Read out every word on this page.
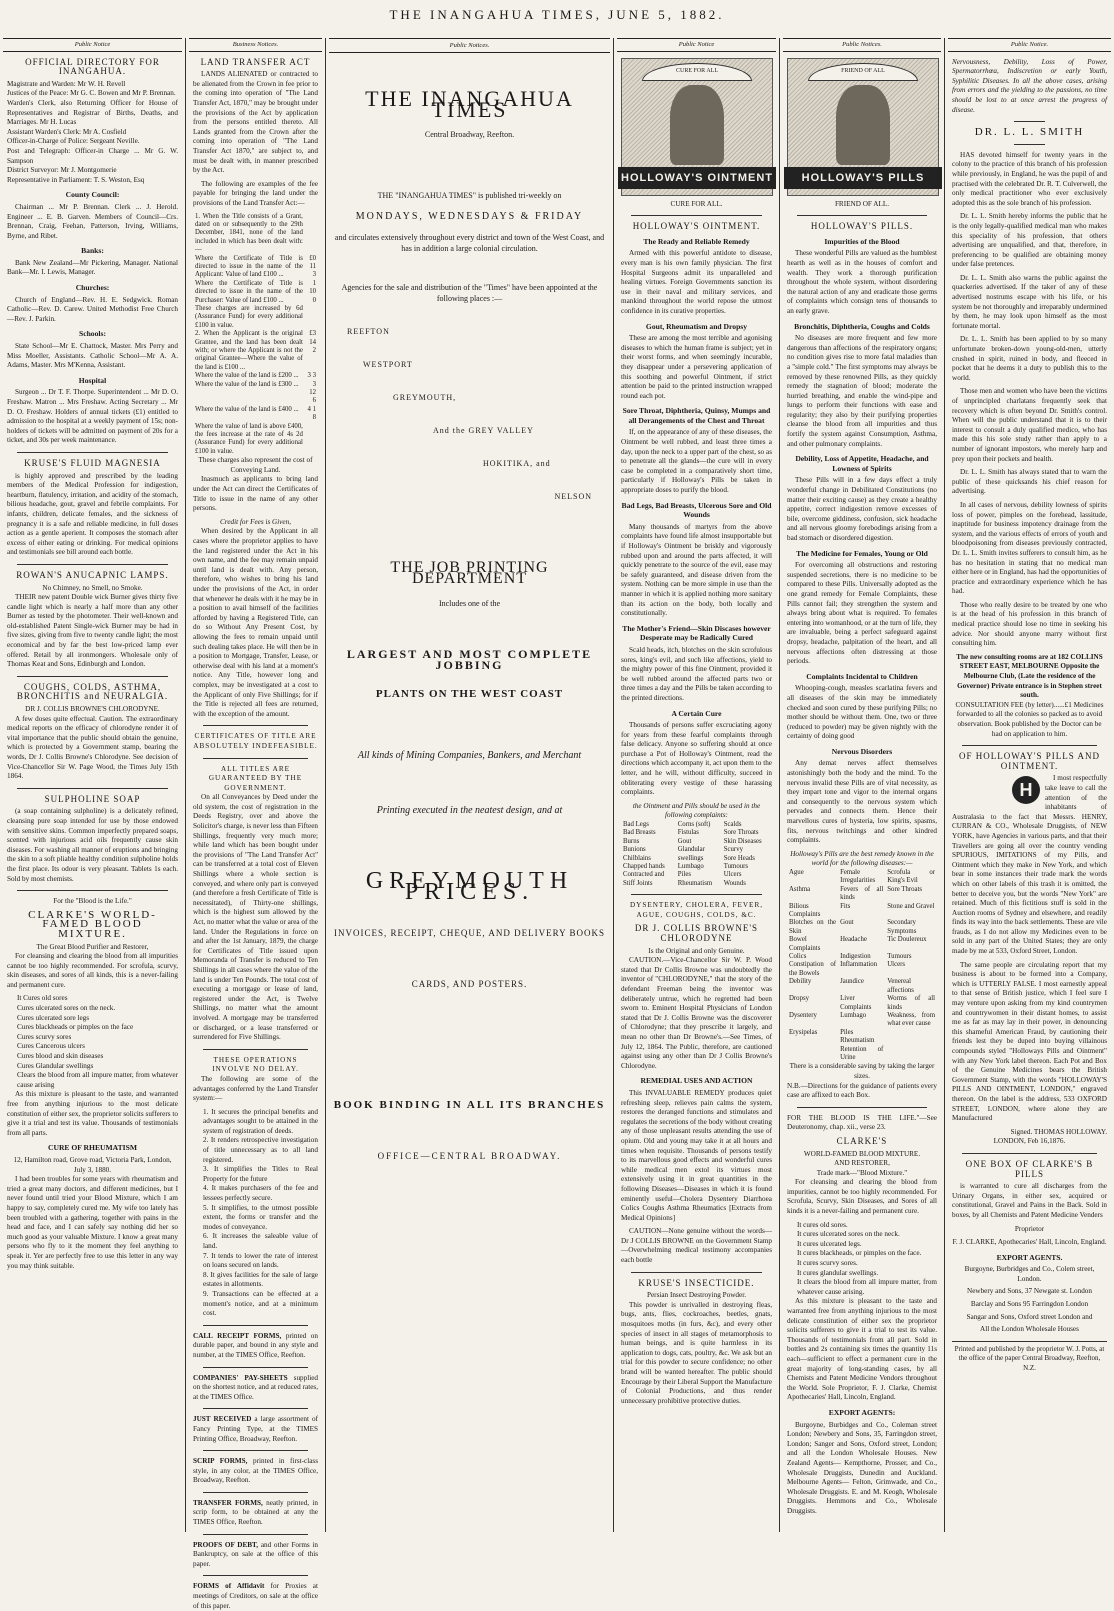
THE INANGAHUA TIMES, JUNE 5, 1882.
Public Notice
OFFICIAL DIRECTORY FOR INANGAHUA.
Magistrate and Warden: Mr W. H. Revell
Justices of the Peace: Mr G. C. Bowen and Mr P. Brennan.
Warden's Clerk, also Returning Officer for House of Representatives and Registrar of Births, Deaths, and Marriages. Mr H. Lucas
Assistant Warden's Clerk: Mr A. Cosfield
Officer-in-Charge of Police: Sergeant Neville.
Post and Telegraph: Officer-in Charge ... Mr G. W. Sampson
District Surveyor: Mr J. Montgomerie
Representative in Parliament: T. S. Weston, Esq
County Council:

Chairman ... Mr P. Brennan. Clerk ... J. Herold. Engineer ... E. B. Garven. Members of Council—Crs. Brennan, Craig, Feehan, Patterson, Irving, Williams, Byrne, and Ribet.

Banks:

Bank New Zealand—Mr Pickering, Manager. National Bank—Mr. I. Lewis, Manager.

Churches:

Church of England—Rev. H. E. Sedgwick. Roman Catholic—Rev. D. Carew. United Methodist Free Church—Rev. J. Parkin.

Schools:

State School—Mr E. Chattock, Master. Mrs Perry and Miss Moeller, Assistants. Catholic School—Mr A. A. Adams, Master. Mrs M'Kenna, Assistant.

Hospital

Surgeon ... Dr T. F. Thorpe. Superintendent ... Mr D. O. Freshaw. Matron ... Mrs Freshaw. Acting Secretary ... Mr D. O. Freshaw. Holders of annual tickets (£1) entitled to admission to the hospital at a weekly payment of 15s; non-holders of tickets will be admitted on payment of 20s for a ticket, and 30s per week maintenance.

KRUSE'S FLUID MAGNESIA

is highly approved and prescribed by the leading members of the Medical Profession for indigestion, heartburn, flatulency, irritation, and acidity of the stomach, bilious headache, gout, gravel and febrile complaints. For infants, children, delicate females, and the sickness of pregnancy it is a safe and reliable medicine, in full doses action as a gentle aperient. It composes the stomach after excess of either eating or drinking. For medical opinions and testimonials see bill around each bottle.

ROWAN'S ANUCAPNIC LAMPS.
No Chimney, no Smell, no Smoke.

THEIR new patent Double wick Burner gives thirty five candle light which is nearly a half more than any other Burner as tested by the photometer. Their well-known and old-established Patent Single-wick Burner may be had in five sizes, giving from five to twenty candle light; the most economical and by far the best low-priced lamp ever offered. Retail by all ironmongers. Wholesale only of Thomas Keat and Sons, Edinburgh and London.

COUGHS, COLDS, ASTHMA, BRONCHITIS and NEURALGIA.
DR J. COLLIS BROWNE'S CHLORODYNE.

A few doses quite effectual. Caution. The extraordinary medical reports on the efficacy of chlorodyne render it of vital importance that the public should obtain the genuine, which is protected by a Government stamp, bearing the words, Dr J. Collis Browne's Chlorodyne. See decision of Vice-Chancellor Sir W. Page Wood, the Times July 15th 1864.

SULPHOLINE SOAP

(a soap containing sulpholine) is a delicately refined, cleansing pure soap intended for use by those endowed with sensitive skins. Common imperfectly prepared soaps, scented with injurious acid oils frequently cause skin diseases. For washing all manner of eruptions and bringing the skin to a soft pliable healthy condition sulpholine holds the first place. Its odour is very pleasant. Tablets 1s each. Sold by most chemists.

For the "Blood is the Life."
CLARKE'S WORLD-FAMED BLOOD MIXTURE.
The Great Blood Purifier and Restorer,

For cleansing and clearing the blood from all impurities cannot be too highly recommended. For scrofula, scurvy, skin diseases, and sores of all kinds, this is a never-failing and permanent cure.

It Cures old sores
Cures ulcerated sores on the neck.
Cures ulcerated sore legs
Cures blackheads or pimples on the face
Cures scurvy sores
Cures Cancerous ulcers
Cures blood and skin diseases
Cures Glandular swellings
Clears the blood from all impure matter, from whatever cause arising

As this mixture is pleasant to the taste, and warranted free from anything injurious to the most delicate constitution of either sex, the proprietor solicits sufferers to give it a trial and test its value. Thousands of testimonials from all parts.

CURE OF RHEUMATISM
12, Hamilton road, Grove road, Victoria Park, London, July 3, 1880.

I had been troubles for some years with rheumatism and tried a great many doctors, and different medicines, but I never found until tried your Blood Mixture, which I am happy to say, completely cured me. My wife too lately has been troubled with a gathering, together with pains in the head and face, and I can safely say nothing did her so much good as your valuable Mixture. I know a great many persons who fly to it the moment they feel anything to speak it. Yer are perfectly free to use this letter in any way you may think suitable.

Business Notices.
LAND TRANSFER ACT

LANDS ALIENATED or contracted to be alienated from the Crown in fee prior to the coming into operation of "The Land Transfer Act, 1870," may be brought under the provisions of the Act by application from the persons entitled thereto. All Lands granted from the Crown after the coming into operation of "The Land Transfer Act 1870," are subject to, and must be dealt with, in manner prescribed by the Act.

The following are examples of the fee payable for bringing the land under the provisions of the Land Transfer Act:—

1. When the Title consists of a Grant, dated on or subsequently to the 29th December, 1841, none of the land included in which has been dealt with:—	
Where the Certificate of Title is directed to issue in the name of the Applicant: Value of land £100 ...	£0 11 3
Where the Certificate of Title is directed to issue in the name of the Purchaser: Value of land £100 ...	1 10 0
These charges are increased by 6d (Assurance Fund) for every additional £100 in value.	
2. When the Applicant is the original Grantee, and the land has been dealt with; or where the Applicant is not the original Grantee—Where the value of the land is £100 ...	£3 14 2
Where the value of the land is £200 ...	3 3
Where the value of the land is £300 ...	3 12 6
Where the value of the land is £400 ...	4 1 8
Where the value of land is above £400, the fees increase at the rate of 4s 2d (Assurance Fund) for every additional £100 in value.	
These charges also represent the cost of Conveying Land.

Inasmuch as applicants to bring land under the Act can direct the Certificates of Title to issue in the name of any other persons.

Credit for Fees is Given,

When desired by the Applicant in all cases where the proprietor applies to have the land registered under the Act in his own name, and the fee may remain unpaid until land is dealt with. Any person, therefore, who wishes to bring his land under the provisions of the Act, in order that whenever he deals with it he may be in a position to avail himself of the facilities afforded by having a Registered Title, can do so Without Any Present Cost, by allowing the fees to remain unpaid until such dealing takes place. He will then be in a position to Mortgage, Transfer, Lease, or otherwise deal with his land at a moment's notice. Any Title, however long and complex, may be investigated at a cost to the Applicant of only Five Shillings; for if the Title is rejected all fees are returned, with the exception of the amount.

CERTIFICATES OF TITLE ARE ABSOLUTELY INDEFEASIBLE.
ALL TITLES ARE GUARANTEED BY THE GOVERNMENT.

On all Conveyances by Deed under the old system, the cost of registration in the Deeds Registry, over and above the Solicitor's charge, is never less than Fifteen Shillings, frequently very much more; while land which has been bought under the provisions of "The Land Transfer Act" can be transferred at a total cost of Eleven Shillings where a whole section is conveyed, and where only part is conveyed (and therefore a fresh Certificate of Title is necessitated), of Thirty-one shillings, which is the highest sum allowed by the Act, no matter what the value or area of the land. Under the Regulations in force on and after the 1st January, 1879, the charge for Certificates of Title issued upon Memoranda of Transfer is reduced to Ten Shillings in all cases where the value of the land is under Ten Pounds. The total cost of executing a mortgage or lease of land, registered under the Act, is Twelve Shillings, no matter what the amount involved. A mortgage may be transferred or discharged, or a lease transferred or surrendered for Five Shillings.

THESE OPERATIONS INVOLVE NO DELAY.

The following are some of the advantages conferred by the Land Transfer system:—

1. It secures the principal benefits and advantages sought to be attained in the system of registration of deeds.
2. It renders retrospective investigation of title unnecessary as to all land registered.
3. It simplifies the Titles to Real Property for the future
4. It makes purchasers of the fee and lessees perfectly secure.
5. It simplifies, to the utmost possible extent, the forms or transfer and the modes of conveyance.
6. It increases the saleable value of land.
7. It tends to lower the rate of interest on loans secured on lands.
8. It gives facilities for the sale of large estates in allotments.
9. Transactions can be effected at a moment's notice, and at a minimum cost.
CALL RECEIPT FORMS, printed on durable paper, and bound in any style and number, at the TIMES Office, Reefton.
COMPANIES' PAY-SHEETS supplied on the shortest notice, and at reduced rates, at the TIMES Office.
JUST RECEIVED a large assortment of Fancy Printing Type, at the TIMES Printing Office, Broadway, Reefton.
SCRIP FORMS, printed in first-class style, in any color, at the TIMES Office, Broadway, Reefton.
TRANSFER FORMS, neatly printed, in scrip form, to be obtained at any the TIMES Office, Reefton.
PROOFS OF DEBT, and other Forms in Bankruptcy, on sale at the office of this paper.
FORMS of Affidavit for Proxies at meetings of Creditors, on sale at the office of this paper.
Public Notices.
THE INANGAHUA TIMES
Central Broadway, Reefton.
THE "INANGAHUA TIMES" is published tri-weekly on
MONDAYS, WEDNESDAYS & FRIDAY
and circulates extensively throughout every district and town of the West Coast, and has in addition a large colonial circulation.
Agencies for the sale and distribution of the "Times" have been appointed at the following places :—
REEFTON
WESTPORT
GREYMOUTH,
And the GREY VALLEY
HOKITIKA, and
NELSON
THE JOB PRINTING DEPARTMENT
Includes one of the
LARGEST AND MOST COMPLETE JOBBING
PLANTS ON THE WEST COAST
All kinds of Mining Companies, Bankers, and Merchant
Printing executed in the neatest design, and at
GREYMOUTH PRICES.
INVOICES, RECEIPT, CHEQUE, AND DELIVERY BOOKS
CARDS, AND POSTERS.
BOOK BINDING IN ALL ITS BRANCHES
OFFICE—CENTRAL BROADWAY.
Public Notice
CURE FOR ALL
HOLLOWAY'S OINTMENT
CURE FOR ALL.
HOLLOWAY'S OINTMENT.
The Ready and Reliable Remedy

Armed with this powerful antidote to disease, every man is his own family physician. The first Hospital Surgeons admit its unparalleled and healing virtues. Foreign Governments sanction its use in their naval and military services, and mankind throughout the world repose the utmost confidence in its curative properties.

Gout, Rheumatism and Dropsy

These are among the most terrible and agonising diseases to which the human frame is subject; yet in their worst forms, and when seemingly incurable, they disappear under a persevering application of this soothing and powerful Ointment, if strict attention be paid to the printed instruction wrapped round each pot.

Sore Throat, Diphtheria, Quinsy, Mumps and all Derangements of the Chest and Throat

If, on the appearance of any of these diseases, the Ointment be well rubbed, and least three times a day, upon the neck to a upper part of the chest, so as to penetrate all the glands—the cure will in every case be completed in a comparatively short time, particularly if Holloway's Pills be taken in appropriate doses to purify the blood.

Bad Legs, Bad Breasts, Ulcerous Sore and Old Wounds

Many thousands of martyrs from the above complaints have found life almost insupportable but if Holloway's Ointment be briskly and vigorously rubbed upon and around the parts affected, it will quickly penetrate to the source of the evil, ease may be safely guaranteed, and disease driven from the system. Nothing can be more simple in use than the manner in which it is applied nothing more sanitary than its action on the body, both locally and constitutionally.

The Mother's Friend—Skin Discases however Desperate may be Radically Cured

Scald heads, itch, blotches on the skin scrofulous sores, king's evil, and such like affections, yield to the mighty power of this fine Ointment, provided it be well rubbed around the affected parts two or three times a day and the Pills be taken according to the printed directions.

A Certain Cure

Thousands of persons suffer excruciating agony for years from these fearful complaints through false delicacy. Anyone so suffering should at once purchase a Pot of Holloway's Ointment, read the directions which accompany it, act upon them to the letter, and he will, without difficulty, succeed in obliterating every vestige of these harassing complaints.

the Ointment and Pills should be used in the following complaints:
Bad Legs	Corns (soft)	Scalds
Bad Breasts	Fistulas	Sore Throats
Burns	Gout	Skin Diseases
Bunions	Glandular	Scurvy
Chilblains	swellings	Sore Heads
Chapped hands	Lumbago	Tumours
Contracted and	Piles	Ulcers
Stiff Joints	Rheumatism	Wounds
DYSENTERY, CHOLERA, FEVER, AGUE, COUGHS, COLDS, &C.
DR J. COLLIS BROWNE'S CHLORODYNE
Is the Original and only Genuine.

CAUTION.—Vice-Chancellor Sir W. P. Wood stated that Dr Collis Browne was undoubtedly the inventor of "CHLORODYNE," that the story of the defendant Freeman being the inventor was deliberately untrue, which he regretted had been sworn to. Eminent Hospital Physicians of London stated that Dr J. Collis Browne was the discoverer of Chlorodyne; that they prescribe it largely, and mean no other than Dr Browne's.—See Times, of July 12, 1864. The Public, therefore, are cautioned against using any other than Dr J Collis Browne's Chlorodyne.

REMEDIAL USES AND ACTION

This INVALUABLE REMEDY produces quiet refreshing sleep, relieves pain calms the system, restores the deranged functions and stimulates and regulates the secretions of the body without creating any of those unpleasant results attending the use of opium. Old and young may take it at all hours and times when requisite. Thousands of persons testify to its marvellous good effects and wonderful cures while medical men extol its virtues most extensively using it in great quantities in the following Diseases—Diseases in which it is found eminently useful—Cholera Dysentery Diarrhoea Colics Coughs Asthma Rheumatics [Extracts from Medical Opinions]

CAUTION—None genuine without the words—Dr J COLLIS BROWNE on the Government Stamp—Overwhelming medical testimony accompanies each bottle

KRUSE'S INSECTICIDE.
Persian Insect Destroying Powder.

This powder is unrivalled in destroying fleas, bugs, ants, flies, cockroaches, beetles, gnats, mosquitoes moths (in furs, &c), and every other species of insect in all stages of metamorphosis to human beings, and is quite harmless in its application to dogs, cats, poultry, &c. We ask but an trial for this powder to secure confidence; no other brand will be wanted hereafter. The public should Encourage by their Liberal Support the Manufacture of Colonial Productions, and thus render unnecessary prohibitive protective duties.

Public Notices.
FRIEND OF ALL
HOLLOWAY'S PILLS
FRIEND OF ALL.
HOLLOWAY'S PILLS.
Impurities of the Blood

These wonderful Pills are valued as the humblest hearth as well as in the houses of comfort and wealth. They work a thorough purification throughout the whole system, without disordering the natural action of any and eradicate those germs of complaints which consign tens of thousands to an early grave.

Bronchitis, Diphtheria, Coughs and Colds

No diseases are more frequent and few more dangerous than affections of the respiratory organs; no condition gives rise to more fatal maladies than a "simple cold." The first symptoms may always be removed by these renowned Pills, as they quickly remedy the stagnation of blood; moderate the hurried breathing, and enable the wind-pipe and lungs to perform their functions with ease and regularity; they also by their purifying properties cleanse the blood from all impurities and thus fortify the system against Consumption, Asthma, and other pulmonary complaints.

Debility, Loss of Appetite, Headache, and Lowness of Spirits

These Pills will in a few days effect a truly wonderful change in Debilitated Constitutions (no matter their exciting cause) as they create a healthy appetite, correct indigestion remove excesses of bile, overcome giddiness, confusion, sick headache and all nervous gloomy forebodings arising from a bad stomach or disordered digestion.

The Medicine for Females, Young or Old

For overcoming all obstructions and restoring suspended secretions, there is no medicine to be compared to these Pills. Universally adopted as the one grand remedy for Female Complaints, these Pills cannot fail; they strengthen the system and always bring about what is required. To females entering into womanhood, or at the turn of life, they are invaluable, being a perfect safeguard against dropsy, headache, palpitation of the heart, and all nervous affections often distressing at those periods.

Complaints Incidental to Children

Whooping-cough, measles scarlatina fevers and all diseases of the skin may be immediately checked and soon cured by these purifying Pills; no mother should be without them. One, two or three (reduced to powder) may be given nightly with the certainty of doing good

Nervous Disorders

Any demat nerves affect themselves astonishingly both the body and the mind. To the nervous invalid these Pills are of vital necessity, as they impart tone and vigor to the internal organs and consequently to the nervous system which pervades and connects them. Hence their marvellous cures of hysteria, low spirits, spasms, fits, nervous twitchings and other kindred complaints.

Holloway's Pills are the best remedy known in the world for the following diseases:—
Ague	Female Irregularities	Scrofula or King's Evil
Asthma	Fevers of all kinds	Sore Throats
Bilious Complaints	Fits	Stone and Gravel
Blotches on the Skin	Gout	Secondary Symptoms
Bowel Complaints	Headache	Tic Doulereux
Colics	Indigestion	Tumours
Constipation of the Bowels	Inflammation	Ulcers
Debility	Jaundice	Venereal affections
Dropsy	Liver Complaints	Worms of all kinds
Dysentery	Lumbago	Weakness, from what ever cause
Erysipelas	Piles	
	Rheumatism	
	Retention of Urine	
There is a considerable saving by taking the larger sizes.
N.B.—Directions for the guidance of patients every case are affixed to each Box.
FOR THE BLOOD IS THE LIFE."—See Deuteronomy, chap. xii., verse 23.
CLARKE'S
WORLD-FAMED BLOOD MIXTURE.
AND RESTORER,
Trade mark—"Blood Mixture."

For cleansing and clearing the blood from impurities, cannot be too highly recommended. For Scrofula, Scurvy, Skin Diseases, and Sores of all kinds it is a never-failing and permanent cure.

It cures old sores.
It cures ulcerated sores on the neck.
It cures ulcerated legs.
It cures blackheads, or pimples on the face.
It cures scurvy sores.
It cures glandular swellings.
It clears the blood from all impure matter, from whatever cause arising.

As this mixture is pleasant to the taste and warranted free from anything injurious to the most delicate constitution of either sex the proprietor solicits sufferers to give it a trial to test its value. Thousands of testimonials from all part. Sold in bottles and 2s containing six times the quantity 11s each—sufficient to effect a permanent cure in the great majority of long-standing cases, by all Chemists and Patent Medicine Vendors throughout the World. Sole Proprietor, F. J. Clarke, Chemist Apothecaries' Hall, Lincoln, England.

EXPORT AGENTS:

Burgoyne, Burbidges and Co., Coleman street London; Newbery and Sons, 35, Farringdon street, London; Sanger and Sons, Oxford street, London; and all the London Wholesale Houses. New Zealand Agents— Kempthorne, Prosser, and Co., Wholesale Druggists, Dunedin and Auckland. Melbourne Agents— Felton, Grimwade, and Co., Wholesale Druggists. E. and M. Keogh, Wholesale Druggists. Hemmons and Co., Wholesale Druggists.

Public Notice.

Nervousness, Debility, Loss of Power, Spermatorrhœa, Indiscretion or early Youth, Syphilitic Diseases. In all the above cases, arising from errors and the yielding to the passions, no time should be lost to at once arrest the progress of disease.

DR. L. L. SMITH

HAS devoted himself for twenty years in the colony to the practice of this branch of his profession while previously, in England, he was the pupil of and practised with the celebrated Dr. R. T. Culverwell, the only medical practitioner who ever exclusively adopted this as the sole branch of his profession.

Dr. L. L. Smith hereby informs the public that he is the only legally-qualified medical man who makes this speciality of his profession, that others advertising are unqualified, and that, therefore, in preferencing to be qualified are obtaining money under false pretences.

Dr. L. L. Smith also warns the public against the quackeries advertised. If the taker of any of these advertised nostrums escape with his life, or his system be not thoroughly and irreparably undermined by them, he may look upon himself as the most fortunate mortal.

Dr. L. L. Smith has been applied to by so many unfortunate broken-down young-old-men, utterly crushed in spirit, ruined in body, and fleeced in pocket that he deems it a duty to publish this to the world.

Those men and women who have been the victims of unprincipled charlatans frequently seek that recovery which is often beyond Dr. Smith's control. When will the public understand that it is to their interest to consult a duly qualified medico, who has made this his sole study rather than apply to a number of ignorant impostors, who merely harp and prey upon their pockets and health.

Dr. L. L. Smith has always stated that to warn the public of these quicksands his chief reason for advertising.

In all cases of nervous, debility lowness of spirits loss of power, pimples on the forehead, lassitude, inaptitude for business impotency drainage from the system, and the various effects of errors of youth and bloodpoisoning from diseases previously contracted, Dr. L. L. Smith invites sufferers to consult him, as he has no hesitation in stating that no medical man either here or in England, has had the opportunities of practice and extraordinary experience which he has had.

Those who really desire to be treated by one who is at the head of his profession in this branch of medical practice should lose no time in seeking his advice. Nor should anyone marry without first consulting him.

The new consulting rooms are at 182 COLLINS STREET EAST, MELBOURNE Opposite the Melbourne Club, (Late the residence of the Governor) Private entrance is in Stephen street south.
CONSULTATION FEE (by letter)......£1 Medicines forwarded to all the colonies so packed as to avoid observation. Book published by the Doctor can be had on application to him.
OF HOLLOWAY'S PILLS AND OINTMENT.
H

I most respectfully take leave to call the attention of the inhabitants of Australasia to the fact that Messrs. HENRY, CURRAN & CO., Wholesale Druggists, of NEW YORK, have Agencies in various parts, and that their Travellers are going all over the country vending SPURIOUS, IMITATIONS of my Pills, and Ointment which they make in New York, and which bear in some instances their trade mark the words which on other labels of this trash it is omitted, the better to deceive you, but the words "New York" are retained. Much of this fictitious stuff is sold in the Auction rooms of Sydney and elsewhere, and readily finds its way into the back settlements. These are vile frauds, as I do not allow my Medicines even to be sold in any part of the United States; they are only made by me at 533, Oxford Street, London.

The same people are circulating report that my business is about to be formed into a Company, which is UTTERLY FALSE. I most earnestly appeal to that sense of British justice, which I feel sure I may venture upon asking from my kind countrymen and countrywomen in their distant homes, to assist me as far as may lay in their power, in denouncing this shameful American Fraud, by cautioning their friends lest they be duped into buying villainous compounds styled "Holloways Pills and Ointment" with any New York label thereon. Each Pot and Box of the Genuine Medicines bears the British Government Stamp, with the words "HOLLOWAY'S PILLS AND OINTMENT, LONDON," engraved thereon. On the label is the address, 533 OXFORD STREET, LONDON, where alone they are Manufactured

Signed. THOMAS HOLLOWAY.
LONDON, Feb 16,1876.
ONE BOX OF CLARKE'S B PILLS

is warranted to cure all discharges from the Urinary Organs, in either sex, acquired or constitutional, Gravel and Pains in the Back. Sold in boxes, by all Chemists and Patent Medicine Venders

Proprietor
F. J. CLARKE, Apothecaries' Hall, Lincoln, England.
EXPORT AGENTS.
Burgoyne, Burbridges and Co., Colem street, London.
Newbery and Sons, 37 Newgate st. London
Barclay and Sons 95 Farringdon London
Sangar and Sons, Oxford street London and
All the London Wholesale Houses
Printed and published by the proprietor W. J. Potts, at the office of the paper Central Broadway, Reefton, N.Z.
